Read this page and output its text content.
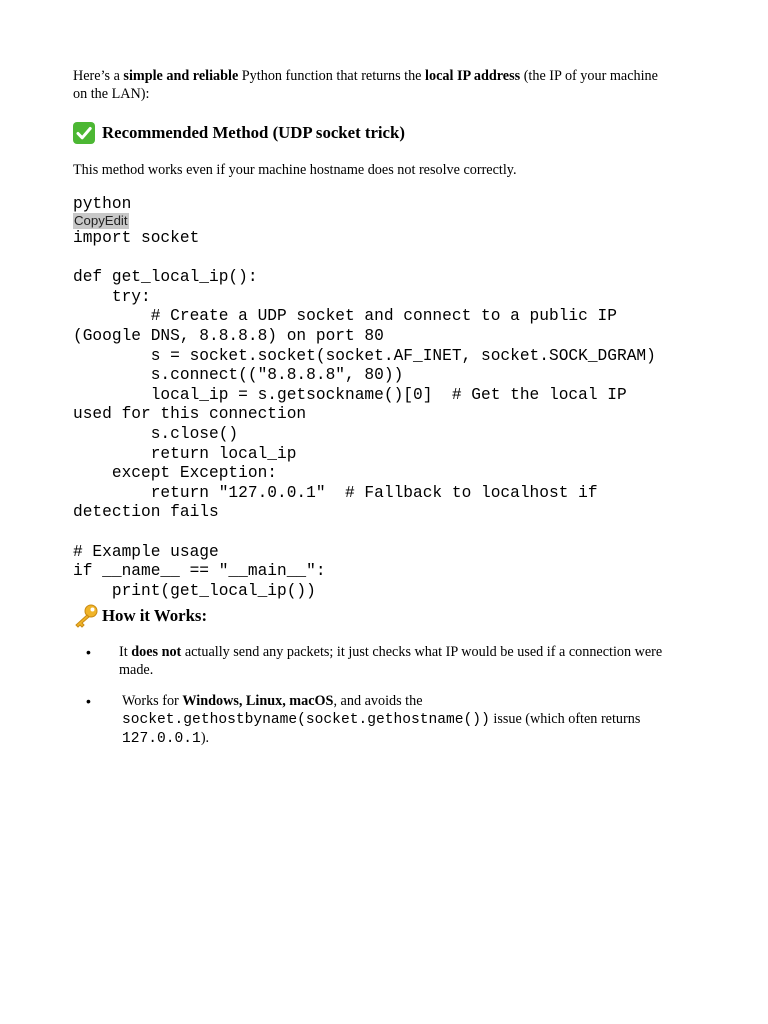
Here’s a simple and reliable Python function that returns the local IP address (the IP of your machine on the LAN):

Recommended Method (UDP socket trick)

This method works even if your machine hostname does not resolve correctly.

python
CopyEdit
import socket

def get_local_ip():
try:
# Create a UDP socket and connect to a public IP
(Google DNS, 8.8.8.8) on port 80
s = socket.socket(socket.AF_INET, socket.SOCK_DGRAM)
s.connect(("8.8.8.8", 80))
local_ip = s.getsockname()[0]  # Get the local IP
used for this connection
s.close()
return local_ip
except Exception:
return "127.0.0.1"  # Fallback to localhost if
detection fails

# Example usage
if __name__ == "__main__":
print(get_local_ip())
How it Works:
• It does not actually send any packets; it just checks what IP would be used if a connection were made.
• Works for Windows, Linux, macOS, and avoids the
socket.gethostbyname(socket.gethostname()) issue (which often returns 127.0.0.1).
